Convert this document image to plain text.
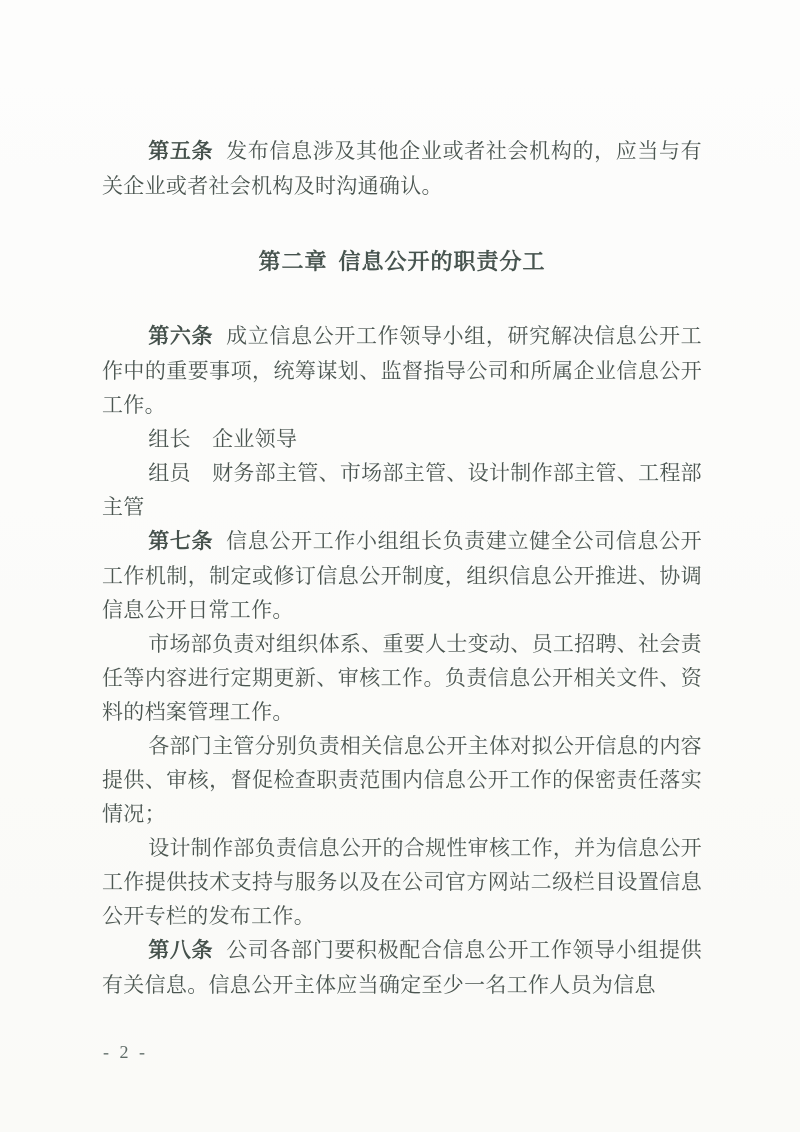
第五条 发布信息涉及其他企业或者社会机构的，应当与有关企业或者社会机构及时沟通确认。

第二章 信息公开的职责分工

第六条 成立信息公开工作领导小组，研究解决信息公开工作中的重要事项，统筹谋划、监督指导公司和所属企业信息公开工作。

组长　企业领导

组员　财务部主管、市场部主管、设计制作部主管、工程部主管

第七条 信息公开工作小组组长负责建立健全公司信息公开工作机制，制定或修订信息公开制度，组织信息公开推进、协调信息公开日常工作。

市场部负责对组织体系、重要人士变动、员工招聘、社会责任等内容进行定期更新、审核工作。负责信息公开相关文件、资料的档案管理工作。

各部门主管分别负责相关信息公开主体对拟公开信息的内容提供、审核，督促检查职责范围内信息公开工作的保密责任落实情况；

设计制作部负责信息公开的合规性审核工作，并为信息公开工作提供技术支持与服务以及在公司官方网站二级栏目设置信息公开专栏的发布工作。

第八条 公司各部门要积极配合信息公开工作领导小组提供有关信息。信息公开主体应当确定至少一名工作人员为信息

- 2 -
